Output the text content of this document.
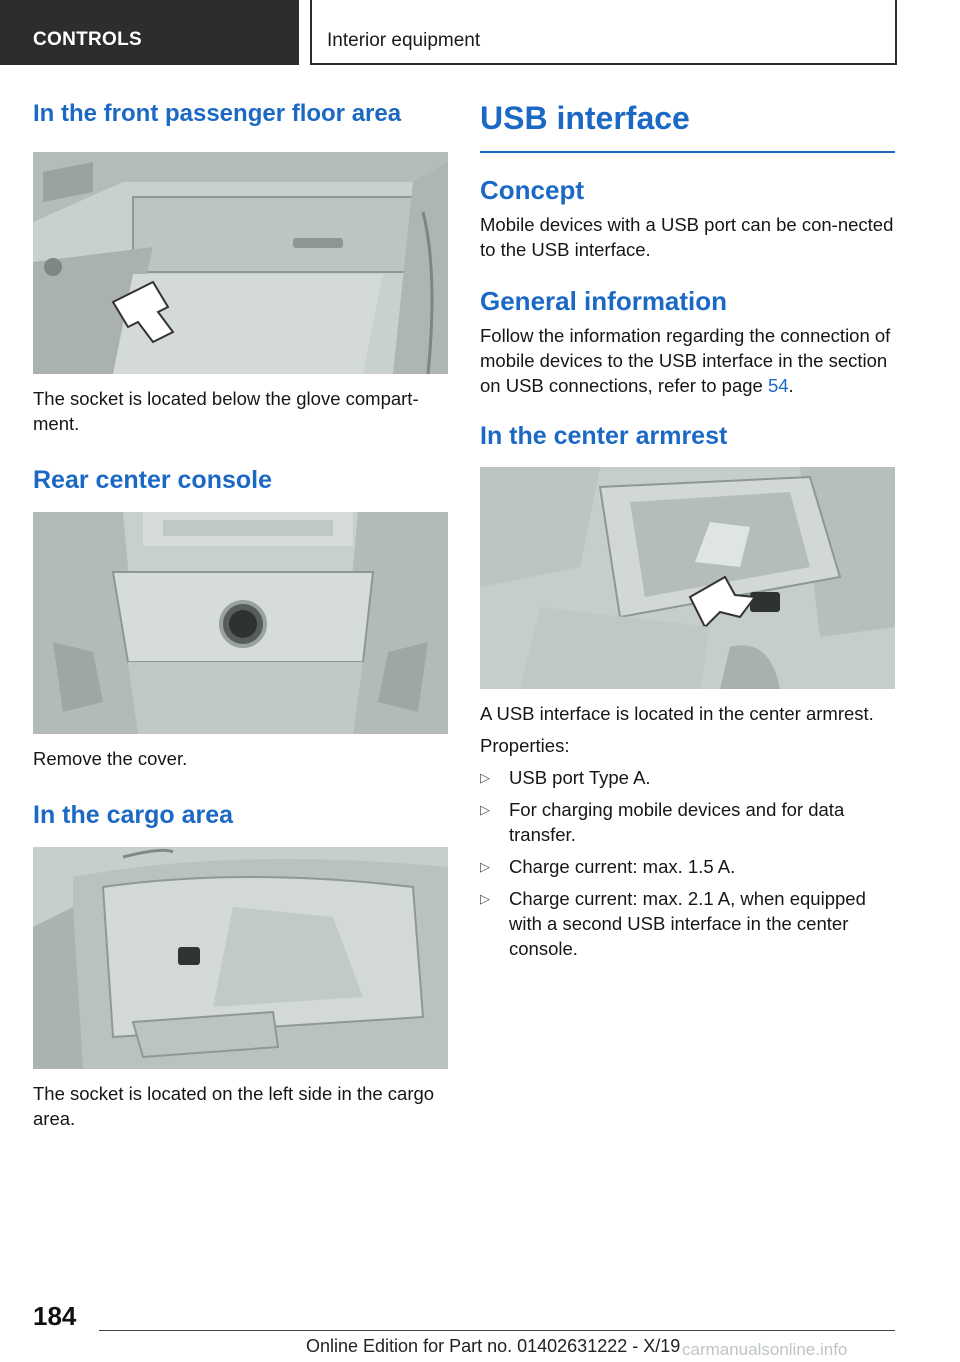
CONTROLS	Interior equipment
In the front passenger floor area

The socket is located below the glove compart-ment.

Rear center console

Remove the cover.

In the cargo area

The socket is located on the left side in the cargo area.

USB interface
Concept

Mobile devices with a USB port can be con-nected to the USB interface.

General information

Follow the information regarding the connection of mobile devices to the USB interface in the section on USB connections, refer to page 54.

In the center armrest

A USB interface is located in the center armrest.

Properties:

▷ USB port Type A.
▷ For charging mobile devices and for data transfer.
▷ Charge current: max. 1.5 A.
▷ Charge current: max. 2.1 A, when equipped with a second USB interface in the center console.
184
Online Edition for Part no. 01402631222 - X/19 carmanualsonline.info
